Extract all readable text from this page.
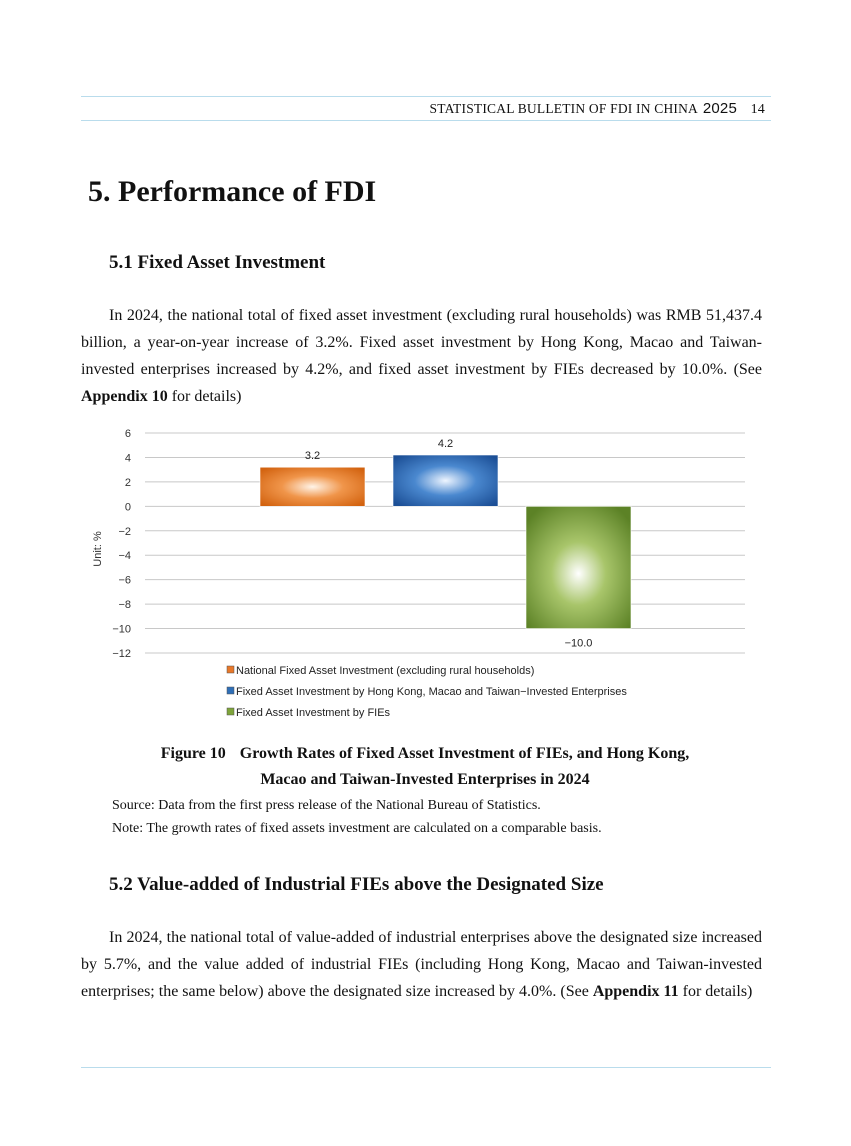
STATISTICAL BULLETIN OF FDI IN CHINA 2025 14
5. Performance of FDI
5.1 Fixed Asset Investment

In 2024, the national total of fixed asset investment (excluding rural households) was RMB 51,437.4 billion, a year-on-year increase of 3.2%. Fixed asset investment by Hong Kong, Macao and Taiwan-invested enterprises increased by 4.2%, and fixed asset investment by FIEs decreased by 10.0%. (See Appendix 10 for details)

6
4
2
0
−2
−4
−6
−8
−10
−12
Unit: %
3.2
4.2
−10.0
National Fixed Asset Investment (excluding rural households)
Fixed Asset Investment by Hong Kong, Macao and Taiwan−Invested Enterprises
Fixed Asset Investment by FIEs
Figure 10 Growth Rates of Fixed Asset Investment of FIEs, and Hong Kong,
Macao and Taiwan-Invested Enterprises in 2024
Source: Data from the first press release of the National Bureau of Statistics.
Note: The growth rates of fixed assets investment are calculated on a comparable basis.
5.2 Value-added of Industrial FIEs above the Designated Size

In 2024, the national total of value-added of industrial enterprises above the designated size increased by 5.7%, and the value added of industrial FIEs (including Hong Kong, Macao and Taiwan-invested enterprises; the same below) above the designated size increased by 4.0%. (See Appendix 11 for details)
